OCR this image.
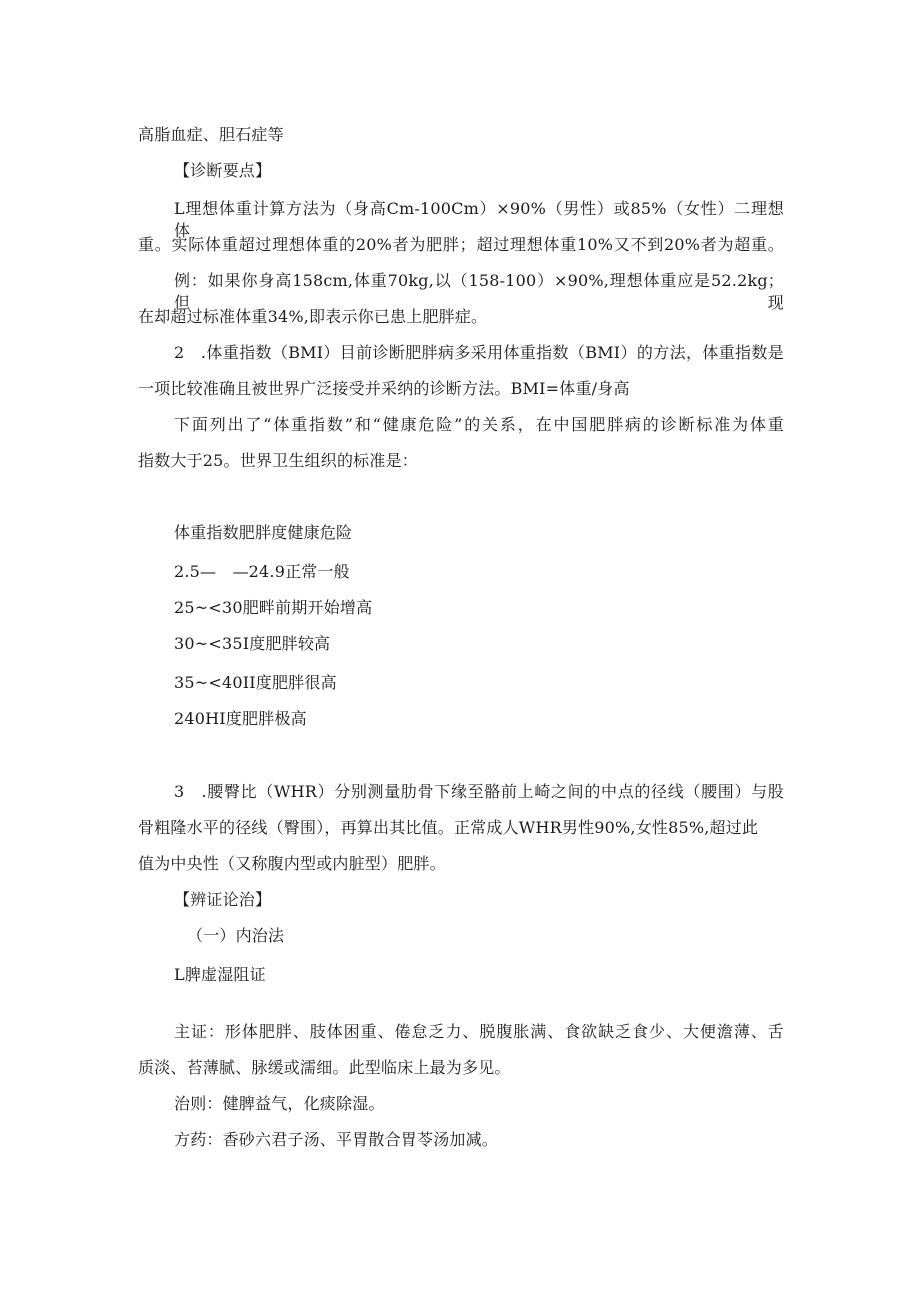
高脂血症、胆石症等
【诊断要点】
L理想体重计算方法为（身高Cm-100Cm）×90%（男性）或85%（女性）二理想体
重。实际体重超过理想体重的20%者为肥胖；超过理想体重10%又不到20%者为超重。
例：如果你身高158cm,体重70kg,以（158-100）×90%,理想体重应是52.2kg；但现
在却超过标准体重34%,即表示你已患上肥胖症。
2　.体重指数（BMI）目前诊断肥胖病多采用体重指数（BMI）的方法，体重指数是
一项比较准确且被世界广泛接受并采纳的诊断方法。BMI=体重/身高
下面列出了“体重指数”和“健康危险”的关系，在中国肥胖病的诊断标准为体重
指数大于25。世界卫生组织的标准是：
体重指数肥胖度健康危险
2.5—　—24.9正常一般
25~<30肥畔前期开始增高
30~<35I度肥胖较高
35~<40II度肥胖很高
240HI度肥胖极高
3　.腰臀比（WHR）分别测量肋骨下缘至骼前上崎之间的中点的径线（腰围）与股
骨粗隆水平的径线（臀围），再算出其比值。正常成人WHR男性90%,女性85%,超过此
值为中央性（又称腹内型或内脏型）肥胖。
【辨证论治】
（一）内治法
L脾虚湿阻证
主证：形体肥胖、肢体困重、倦怠乏力、脱腹胀满、食欲缺乏食少、大便澹薄、舌
质淡、苔薄腻、脉缓或濡细。此型临床上最为多见。
治则：健脾益气，化痰除湿。
方药：香砂六君子汤、平胃散合胃苓汤加减。
